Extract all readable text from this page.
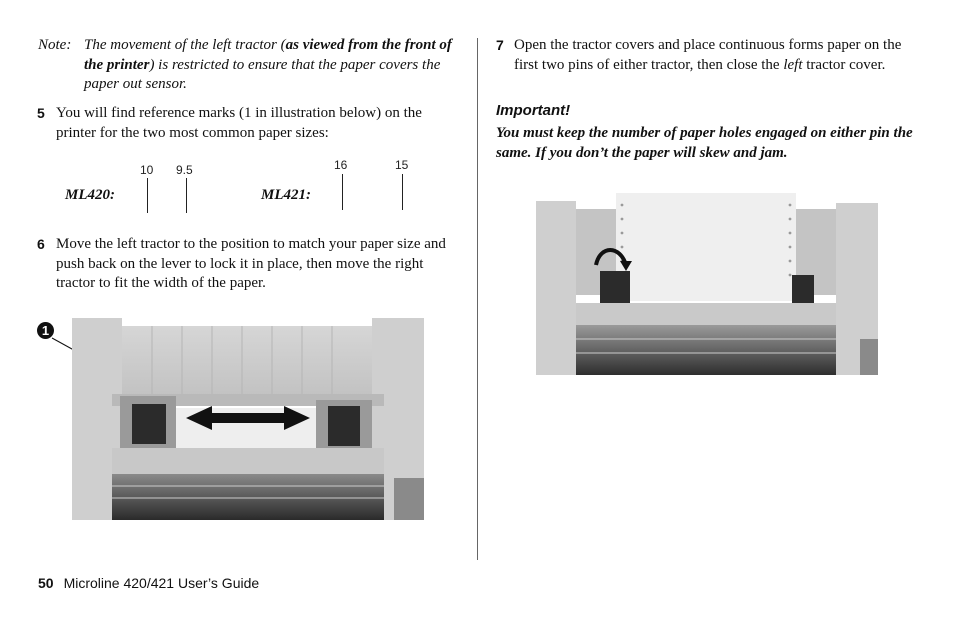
Note: The movement of the left tractor (as viewed from the front of the printer) is restricted to ensure that the paper covers the paper out sensor.
5 You will find reference marks (1 in illustration below) on the printer for the two most common paper sizes:
ML420:
10 9.5
ML421:
16	15
6 Move the left tractor to the position to match your paper size and push back on the lever to lock it in place, then move the right tractor to fit the width of the paper.
1
7 Open the tractor covers and place continuous forms paper on the first two pins of either tractor, then close the left tractor cover.
Important!
You must keep the number of paper holes engaged on either pin the same. If you don’t the paper will skew and jam.
50 Microline 420/421 User’s Guide
